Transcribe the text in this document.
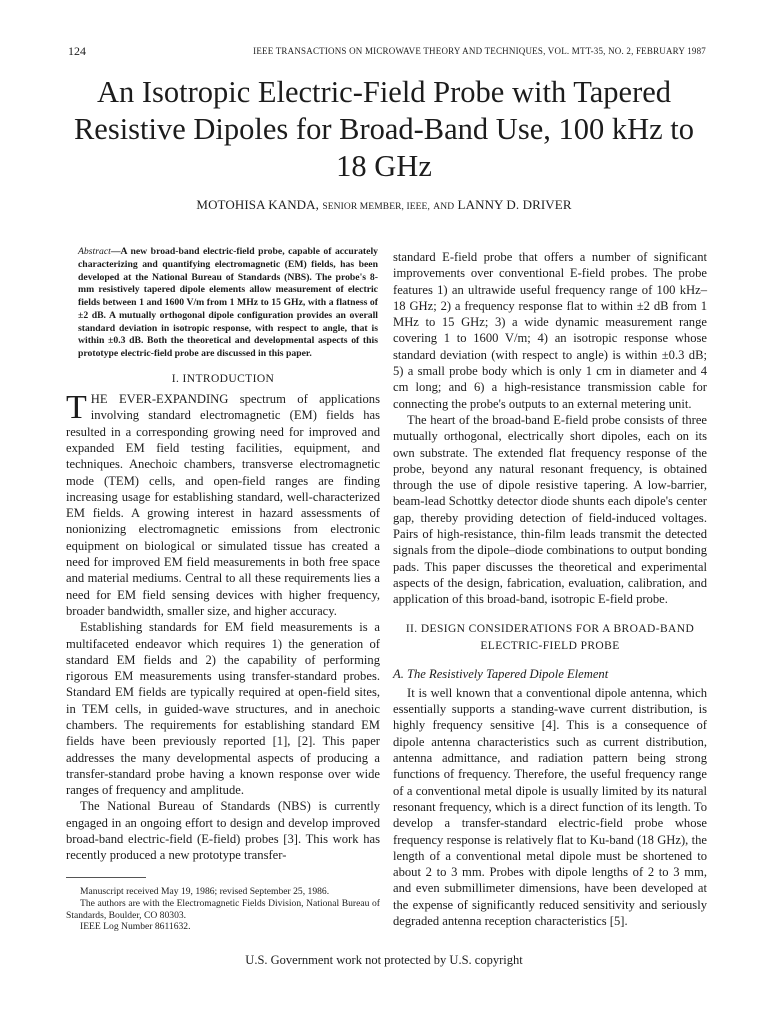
124	IEEE TRANSACTIONS ON MICROWAVE THEORY AND TECHNIQUES, VOL. MTT-35, NO. 2, FEBRUARY 1987
An Isotropic Electric-Field Probe with Tapered Resistive Dipoles for Broad-Band Use, 100 kHz to 18 GHz
MOTOHISA KANDA, SENIOR MEMBER, IEEE, AND LANNY D. DRIVER
Abstract—A new broad-band electric-field probe, capable of accurately characterizing and quantifying electromagnetic (EM) fields, has been developed at the National Bureau of Standards (NBS). The probe's 8-mm resistively tapered dipole elements allow measurement of electric fields between 1 and 1600 V/m from 1 MHz to 15 GHz, with a flatness of ±2 dB. A mutually orthogonal dipole configuration provides an overall standard deviation in isotropic response, with respect to angle, that is within ±0.3 dB. Both the theoretical and developmental aspects of this prototype electric-field probe are discussed in this paper.
I. INTRODUCTION

THE EVER-EXPANDING spectrum of applications involving standard electromagnetic (EM) fields has resulted in a corresponding growing need for improved and expanded EM field testing facilities, equipment, and techniques. Anechoic chambers, transverse electromagnetic mode (TEM) cells, and open-field ranges are finding increasing usage for establishing standard, well-characterized EM fields. A growing interest in hazard assessments of nonionizing electromagnetic emissions from electronic equipment on biological or simulated tissue has created a need for improved EM field measurements in both free space and material mediums. Central to all these requirements lies a need for EM field sensing devices with higher frequency, broader bandwidth, smaller size, and higher accuracy.

Establishing standards for EM field measurements is a multifaceted endeavor which requires 1) the generation of standard EM fields and 2) the capability of performing rigorous EM measurements using transfer-standard probes. Standard EM fields are typically required at open-field sites, in TEM cells, in guided-wave structures, and in anechoic chambers. The requirements for establishing standard EM fields have been previously reported [1], [2]. This paper addresses the many developmental aspects of producing a transfer-standard probe having a known response over wide ranges of frequency and amplitude.

The National Bureau of Standards (NBS) is currently engaged in an ongoing effort to design and develop improved broad-band electric-field (E-field) probes [3]. This work has recently produced a new prototype transfer-

standard E-field probe that offers a number of significant improvements over conventional E-field probes. The probe features 1) an ultrawide useful frequency range of 100 kHz–18 GHz; 2) a frequency response flat to within ±2 dB from 1 MHz to 15 GHz; 3) a wide dynamic measurement range covering 1 to 1600 V/m; 4) an isotropic response whose standard deviation (with respect to angle) is within ±0.3 dB; 5) a small probe body which is only 1 cm in diameter and 4 cm long; and 6) a high-resistance transmission cable for connecting the probe's outputs to an external metering unit.

The heart of the broad-band E-field probe consists of three mutually orthogonal, electrically short dipoles, each on its own substrate. The extended flat frequency response of the probe, beyond any natural resonant frequency, is obtained through the use of dipole resistive tapering. A low-barrier, beam-lead Schottky detector diode shunts each dipole's center gap, thereby providing detection of field-induced voltages. Pairs of high-resistance, thin-film leads transmit the detected signals from the dipole–diode combinations to output bonding pads. This paper discusses the theoretical and experimental aspects of the design, fabrication, evaluation, calibration, and application of this broad-band, isotropic E-field probe.

II. DESIGN CONSIDERATIONS FOR A BROAD-BAND
ELECTRIC-FIELD PROBE
A. The Resistively Tapered Dipole Element

It is well known that a conventional dipole antenna, which essentially supports a standing-wave current distribution, is highly frequency sensitive [4]. This is a consequence of dipole antenna characteristics such as current distribution, antenna admittance, and radiation pattern being strong functions of frequency. Therefore, the useful frequency range of a conventional metal dipole is usually limited by its natural resonant frequency, which is a direct function of its length. To develop a transfer-standard electric-field probe whose frequency response is relatively flat to Ku-band (18 GHz), the length of a conventional metal dipole must be shortened to about 2 to 3 mm. Probes with dipole lengths of 2 to 3 mm, and even submillimeter dimensions, have been developed at the expense of significantly reduced sensitivity and seriously degraded antenna reception characteristics [5].

Manuscript received May 19, 1986; revised September 25, 1986.

The authors are with the Electromagnetic Fields Division, National Bureau of Standards, Boulder, CO 80303.

IEEE Log Number 8611632.

U.S. Government work not protected by U.S. copyright
